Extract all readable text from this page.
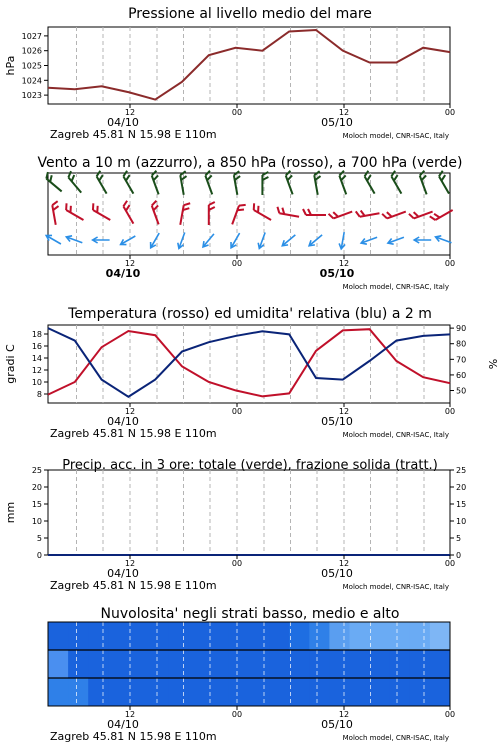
Pressione al livello medio del mare
1023
1024
1025
1026
1027
hPa
12	00	12	00
04/10	05/10
Zagreb 45.81 N 15.98 E 110m	Moloch model, CNR-ISAC, Italy
Vento a 10 m (azzurro), a 850 hPa (rosso), a 700 hPa (verde)
12	00	12	00
04/10	05/10
Moloch model, CNR-ISAC, Italy
Temperatura (rosso) ed umidita' relativa (blu) a 2 m
8
10
12
14
16
18
50
60
70
80
90
gradi C	%
12	00	12	00
04/10	05/10
Zagreb 45.81 N 15.98 E 110m	Moloch model, CNR-ISAC, Italy
Precip. acc. in 3 ore: totale (verde), frazione solida (tratt.)
0	0
5	5
10	10
15	15
20	20
25	25
mm
12	00	12	00
04/10	05/10
Zagreb 45.81 N 15.98 E 110m	Moloch model, CNR-ISAC, Italy
Nuvolosita' negli strati basso, medio e alto
12	00	12	00
04/10	05/10
Zagreb 45.81 N 15.98 E 110m	Moloch model, CNR-ISAC, Italy
